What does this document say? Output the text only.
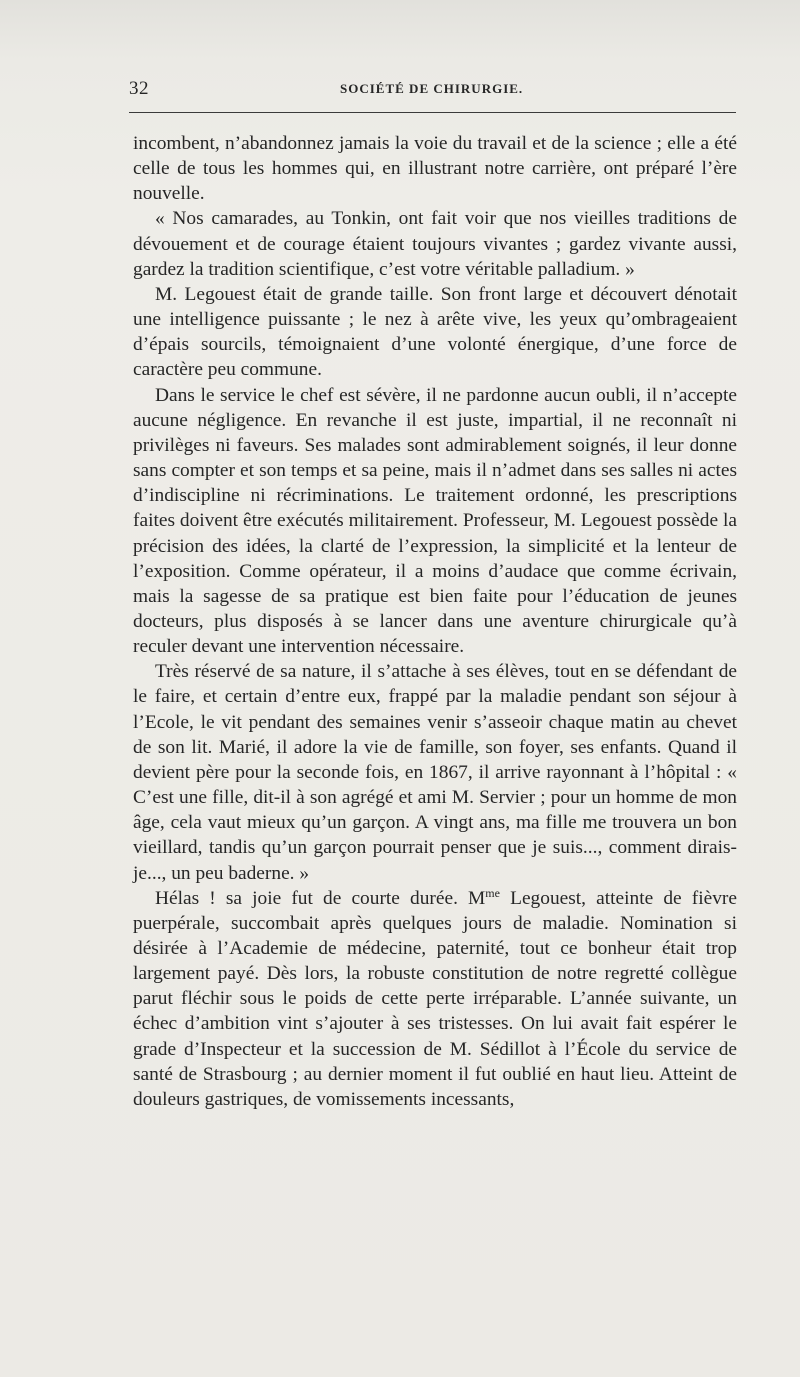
32	SOCIÉTÉ DE CHIRURGIE.

incombent, n’abandonnez jamais la voie du travail et de la science ; elle a été celle de tous les hommes qui, en illustrant notre carrière, ont préparé l’ère nouvelle.

« Nos camarades, au Tonkin, ont fait voir que nos vieilles traditions de dévouement et de courage étaient toujours vivantes ; gardez vivante aussi, gardez la tradition scientifique, c’est votre véritable palladium. »

M. Legouest était de grande taille. Son front large et découvert dénotait une intelligence puissante ; le nez à arête vive, les yeux qu’ombrageaient d’épais sourcils, témoignaient d’une volonté énergique, d’une force de caractère peu commune.

Dans le service le chef est sévère, il ne pardonne aucun oubli, il n’accepte aucune négligence. En revanche il est juste, impartial, il ne reconnaît ni privilèges ni faveurs. Ses malades sont admirablement soignés, il leur donne sans compter et son temps et sa peine, mais il n’admet dans ses salles ni actes d’indiscipline ni récriminations. Le traitement ordonné, les prescriptions faites doivent être exécutés militairement. Professeur, M. Legouest possède la précision des idées, la clarté de l’expression, la simplicité et la lenteur de l’exposition. Comme opérateur, il a moins d’audace que comme écrivain, mais la sagesse de sa pratique est bien faite pour l’éducation de jeunes docteurs, plus disposés à se lancer dans une aventure chirurgicale qu’à reculer devant une intervention nécessaire.

Très réservé de sa nature, il s’attache à ses élèves, tout en se défendant de le faire, et certain d’entre eux, frappé par la maladie pendant son séjour à l’Ecole, le vit pendant des semaines venir s’asseoir chaque matin au chevet de son lit. Marié, il adore la vie de famille, son foyer, ses enfants. Quand il devient père pour la seconde fois, en 1867, il arrive rayonnant à l’hôpital : « C’est une fille, dit-il à son agrégé et ami M. Servier ; pour un homme de mon âge, cela vaut mieux qu’un garçon. A vingt ans, ma fille me trouvera un bon vieillard, tandis qu’un garçon pourrait penser que je suis..., comment dirais-je..., un peu baderne. »

Hélas ! sa joie fut de courte durée. $M^{me}$ Legouest, atteinte de fièvre puerpérale, succombait après quelques jours de maladie. Nomination si désirée à l’Academie de médecine, paternité, tout ce bonheur était trop largement payé. Dès lors, la robuste constitution de notre regretté collègue parut fléchir sous le poids de cette perte irréparable. L’année suivante, un échec d’ambition vint s’ajouter à ses tristesses. On lui avait fait espérer le grade d’Inspecteur et la succession de M. Sédillot à l’École du service de santé de Strasbourg ; au dernier moment il fut oublié en haut lieu. Atteint de douleurs gastriques, de vomissements incessants,
